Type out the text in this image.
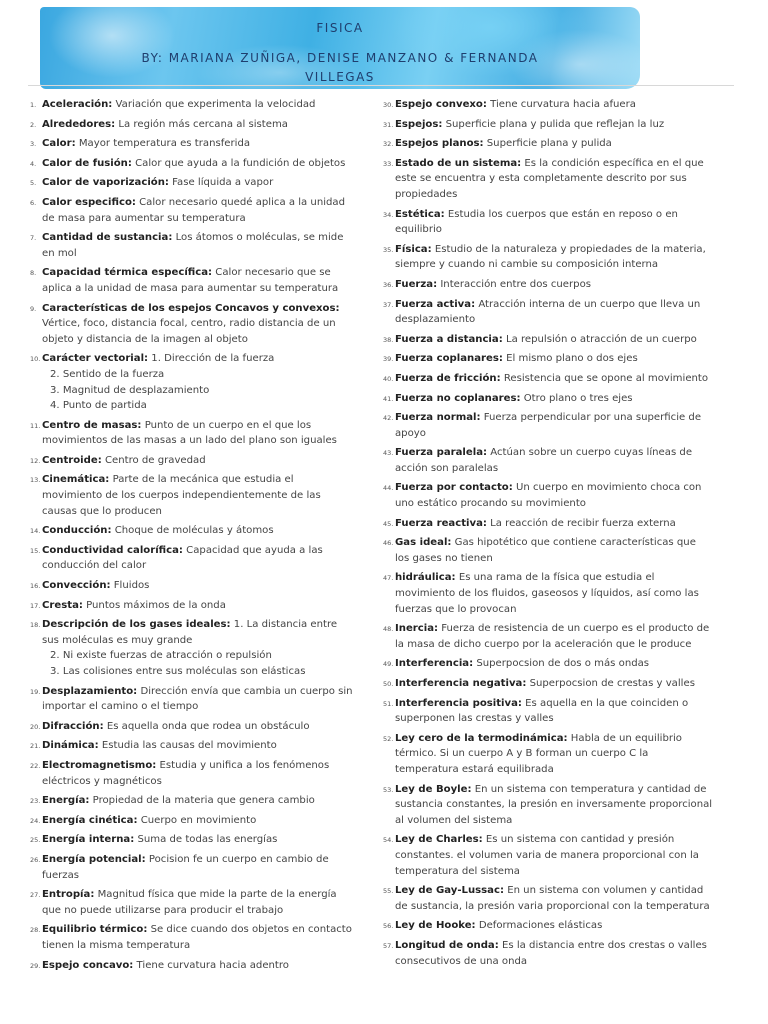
FISICA
BY: MARIANA ZUÑIGA, DENISE MANZANO & FERNANDA
VILLEGAS
1. Aceleración: Variación que experimenta la velocidad
2. Alrededores: La región más cercana al sistema
3. Calor: Mayor temperatura es transferida
4. Calor de fusión: Calor que ayuda a la fundición de objetos
5. Calor de vaporización: Fase líquida a vapor
6. Calor especifico: Calor necesario quedé aplica a la unidad de masa para aumentar su temperatura
7. Cantidad de sustancia: Los átomos o moléculas, se mide en mol
8. Capacidad térmica específica: Calor necesario que se aplica a la unidad de masa para aumentar su temperatura
9. Características de los espejos Concavos y convexos: Vértice, foco, distancia focal, centro, radio distancia de un objeto y distancia de la imagen al objeto
10. Carácter vectorial: 1. Dirección de la fuerza
2. Sentido de la fuerza
3. Magnitud de desplazamiento
4. Punto de partida
11. Centro de masas: Punto de un cuerpo en el que los movimientos de las masas a un lado del plano son iguales
12. Centroide: Centro de gravedad
13. Cinemática: Parte de la mecánica que estudia el movimiento de los cuerpos independientemente de las causas que lo producen
14. Conducción: Choque de moléculas y átomos
15. Conductividad calorífica: Capacidad que ayuda a las conducción del calor
16. Convección: Fluidos
17. Cresta: Puntos máximos de la onda
18. Descripción de los gases ideales: 1. La distancia entre sus moléculas es muy grande
2. Ni existe fuerzas de atracción o repulsión
3. Las colisiones entre sus moléculas son elásticas
19. Desplazamiento: Dirección envía que cambia un cuerpo sin importar el camino o el tiempo
20. Difracción: Es aquella onda que rodea un obstáculo
21. Dinámica: Estudia las causas del movimiento
22. Electromagnetismo: Estudia y unifica a los fenómenos eléctricos y magnéticos
23. Energía: Propiedad de la materia que genera cambio
24. Energía cinética: Cuerpo en movimiento
25. Energía interna: Suma de todas las energías
26. Energía potencial: Pocision fe un cuerpo en cambio de fuerzas
27. Entropía: Magnitud física que mide la parte de la energía que no puede utilizarse para producir el trabajo
28. Equilibrio térmico: Se dice cuando dos objetos en contacto tienen la misma temperatura
29. Espejo concavo: Tiene curvatura hacia adentro
30. Espejo convexo: Tiene curvatura hacia afuera
31. Espejos: Superficie plana y pulida que reflejan la luz
32. Espejos planos: Superficie plana y pulida
33. Estado de un sistema: Es la condición específica en el que este se encuentra y esta completamente descrito por sus propiedades
34. Estética: Estudia los cuerpos que están en reposo o en equilibrio
35. Física: Estudio de la naturaleza y propiedades de la materia, siempre y cuando ni cambie su composición interna
36. Fuerza: Interacción entre dos cuerpos
37. Fuerza activa: Atracción interna de un cuerpo que lleva un desplazamiento
38. Fuerza a distancia: La repulsión o atracción de un cuerpo
39. Fuerza coplanares: El mismo plano o dos ejes
40. Fuerza de fricción: Resistencia que se opone al movimiento
41. Fuerza no coplanares: Otro plano o tres ejes
42. Fuerza normal: Fuerza perpendicular por una superficie de apoyo
43. Fuerza paralela: Actúan sobre un cuerpo cuyas líneas de acción son paralelas
44. Fuerza por contacto: Un cuerpo en movimiento choca con uno estático procando su movimiento
45. Fuerza reactiva: La reacción de recibir fuerza externa
46. Gas ideal: Gas hipotético que contiene características que los gases no tienen
47. hidráulica: Es una rama de la física que estudia el movimiento de los fluidos, gaseosos y líquidos, así como las fuerzas que lo provocan
48. Inercia: Fuerza de resistencia de un cuerpo es el producto de la masa de dicho cuerpo por la aceleración que le produce
49. Interferencia: Superpocsion de dos o más ondas
50. Interferencia negativa: Superpocsion de crestas y valles
51. Interferencia positiva: Es aquella en la que coinciden o superponen las crestas y valles
52. Ley cero de la termodinámica: Habla de un equilibrio térmico. Si un cuerpo A y B forman un cuerpo C la temperatura estará equilibrada
53. Ley de Boyle: En un sistema con temperatura y cantidad de sustancia constantes, la presión en inversamente proporcional al volumen del sistema
54. Ley de Charles: Es un sistema con cantidad y presión constantes. el volumen varia de manera proporcional con la temperatura del sistema
55. Ley de Gay-Lussac: En un sistema con volumen y cantidad de sustancia, la presión varia proporcional con la temperatura
56. Ley de Hooke: Deformaciones elásticas
57. Longitud de onda: Es la distancia entre dos crestas o valles consecutivos de una onda
